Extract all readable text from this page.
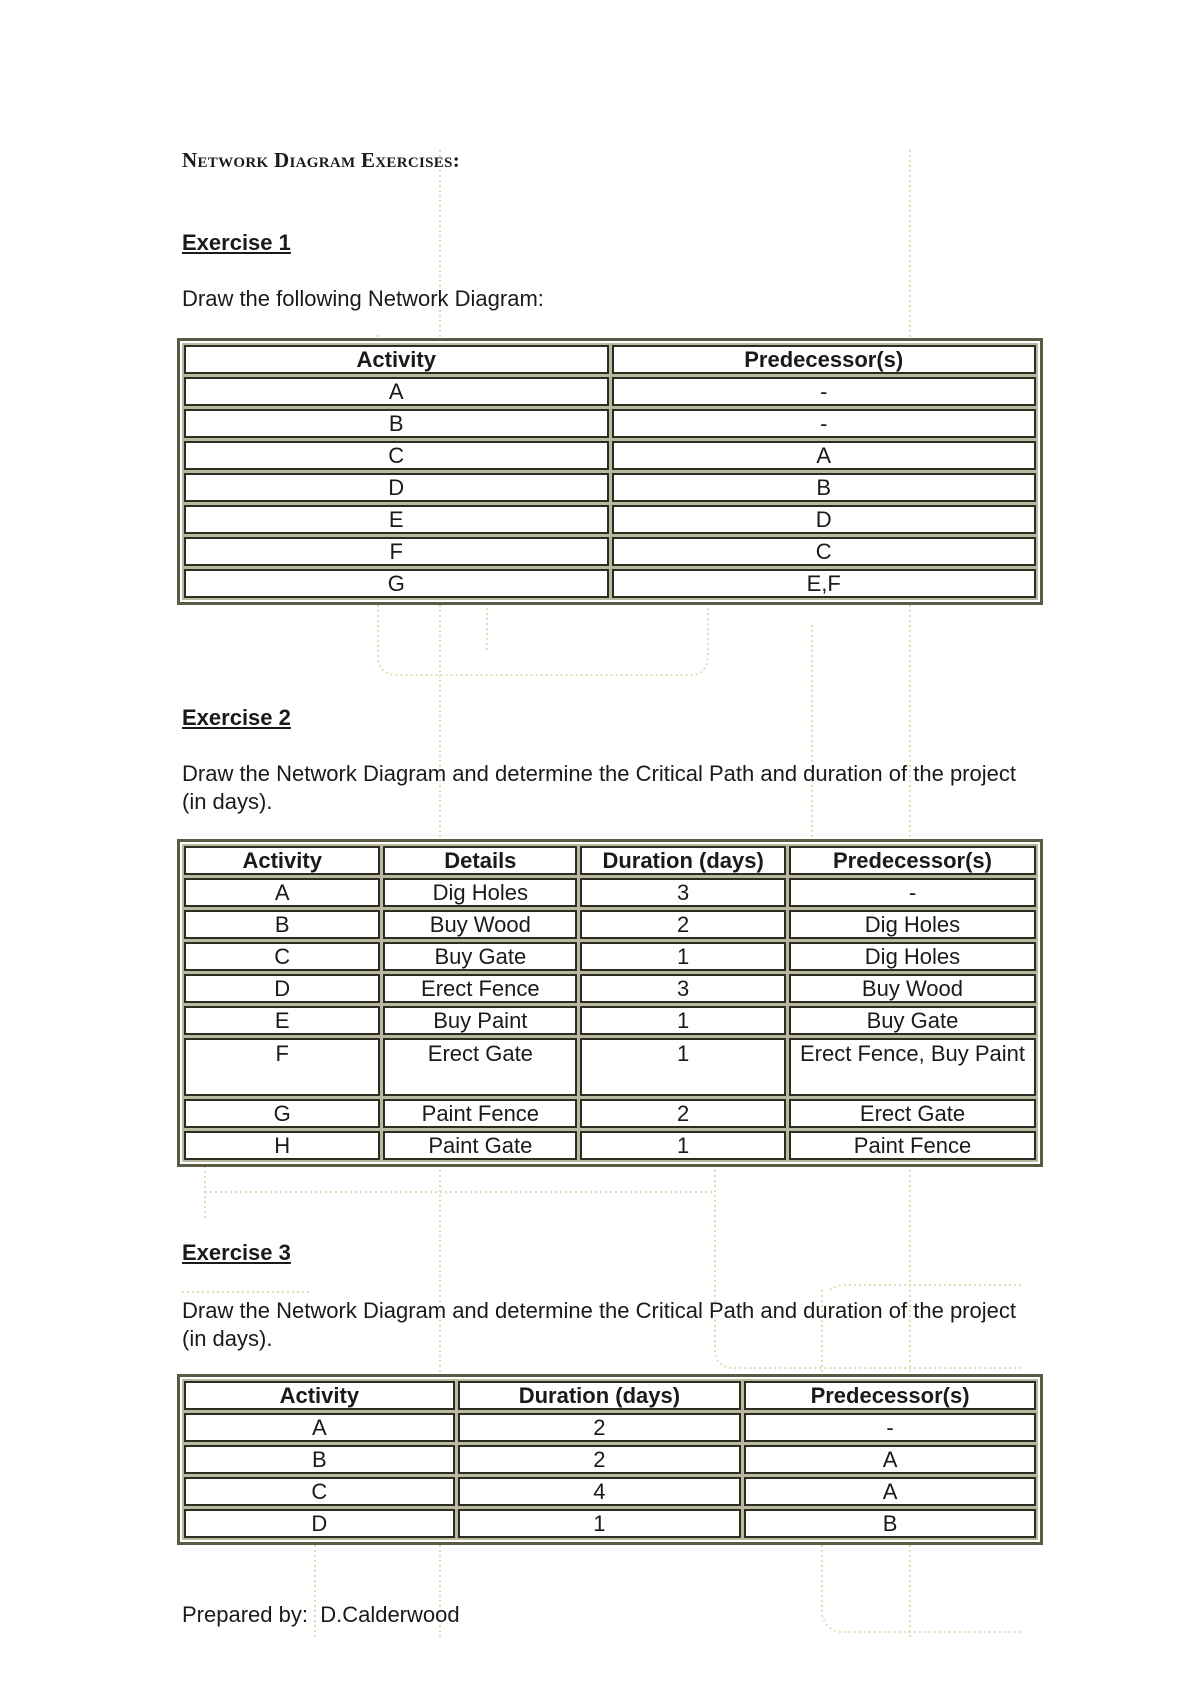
Network Diagram Exercises:
Exercise 1
Draw the following Network Diagram:
Activity	Predecessor(s)
A	-
B	-
C	A
D	B
E	D
F	C
G	E,F
Exercise 2
Draw the Network Diagram and determine the Critical Path and duration of the project (in days).
Activity	Details	Duration (days)	Predecessor(s)
A	Dig Holes	3	-
B	Buy Wood	2	Dig Holes
C	Buy Gate	1	Dig Holes
D	Erect Fence	3	Buy Wood
E	Buy Paint	1	Buy Gate
F	Erect Gate	1	Erect Fence, Buy Paint
G	Paint Fence	2	Erect Gate
H	Paint Gate	1	Paint Fence
Exercise 3
Draw the Network Diagram and determine the Critical Path and duration of the project (in days).
Activity	Duration (days)	Predecessor(s)
A	2	-
B	2	A
C	4	A
D	1	B
Prepared by: D.Calderwood
